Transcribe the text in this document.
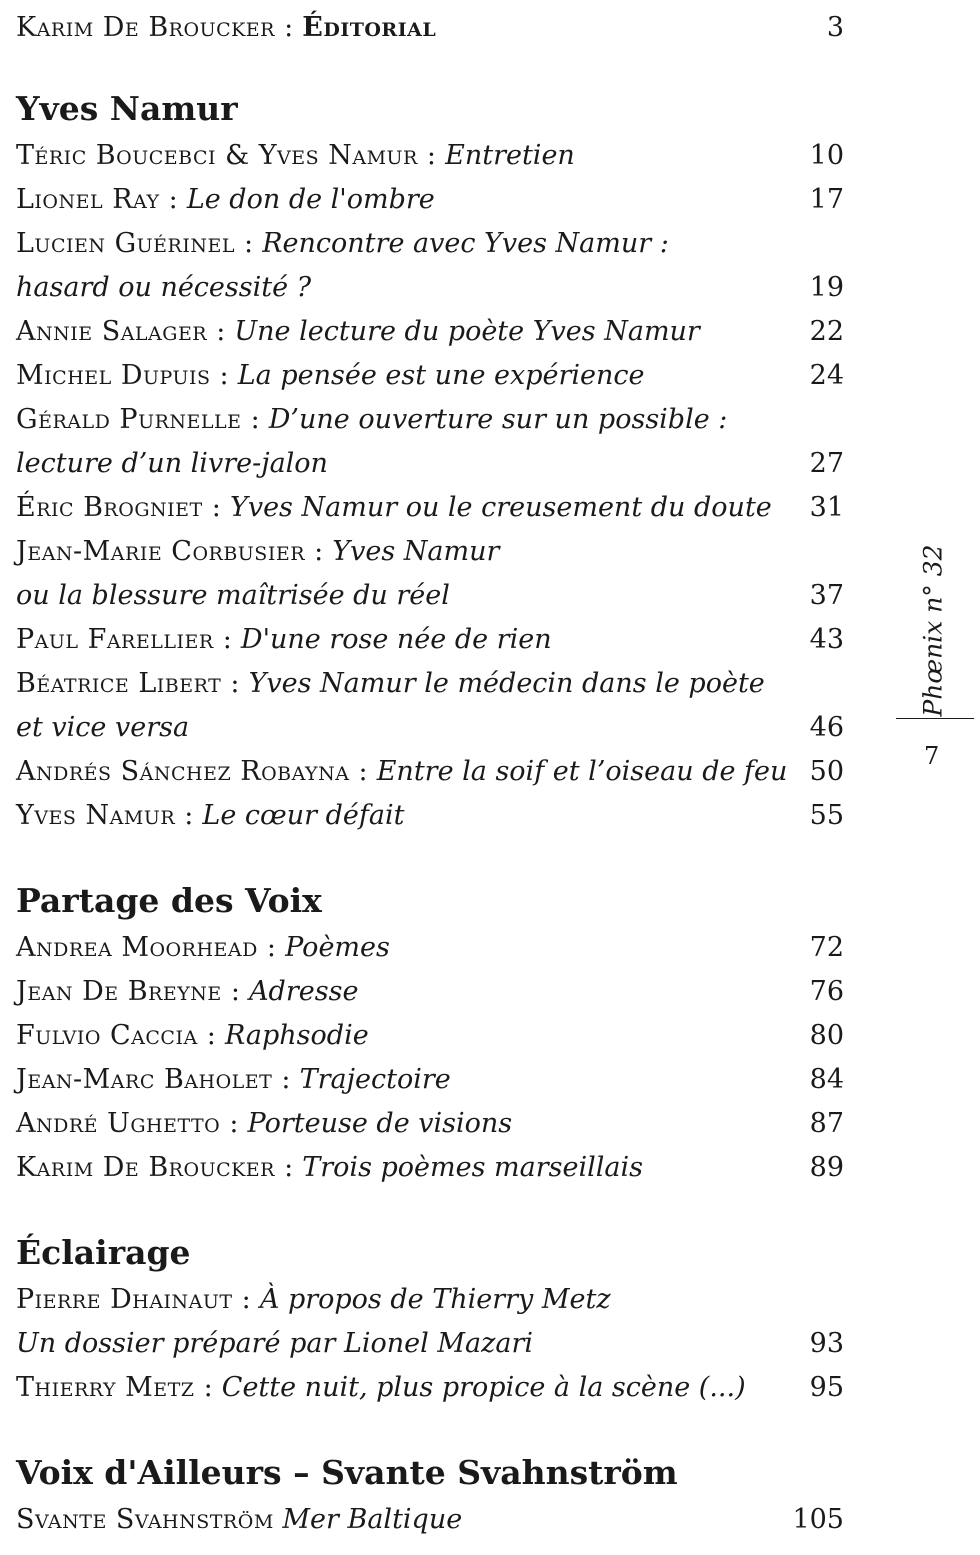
Karim De Broucker : Éditorial	3
Yves Namur
Téric Boucebci & Yves Namur : Entretien	10
Lionel Ray : Le don de l'ombre	17
Lucien Guérinel : Rencontre avec Yves Namur :
hasard ou nécessité ?	19
Annie Salager : Une lecture du poète Yves Namur	22
Michel Dupuis : La pensée est une expérience	24
Gérald Purnelle : D’une ouverture sur un possible :
lecture d’un livre-jalon	27
Éric Brogniet : Yves Namur ou le creusement du doute	31
Jean-Marie Corbusier : Yves Namur
ou la blessure maîtrisée du réel	37
Paul Farellier : D'une rose née de rien	43
Béatrice Libert : Yves Namur le médecin dans le poète
et vice versa	46
Andrés Sánchez Robayna : Entre la soif et l’oiseau de feu 50
Yves Namur : Le cœur défait	55
Partage des Voix
Andrea Moorhead : Poèmes	72
Jean De Breyne : Adresse	76
Fulvio Caccia : Raphsodie	80
Jean-Marc Baholet : Trajectoire	84
André Ughetto : Porteuse de visions	87
Karim De Broucker : Trois poèmes marseillais	89
Éclairage
Pierre Dhainaut : À propos de Thierry Metz
Un dossier préparé par Lionel Mazari	93
Thierry Metz : Cette nuit, plus propice à la scène (...)	95
Voix d'Ailleurs – Svante Svahnström
Svante Svahnström Mer Baltique	105
Phœnix n° 32
7
